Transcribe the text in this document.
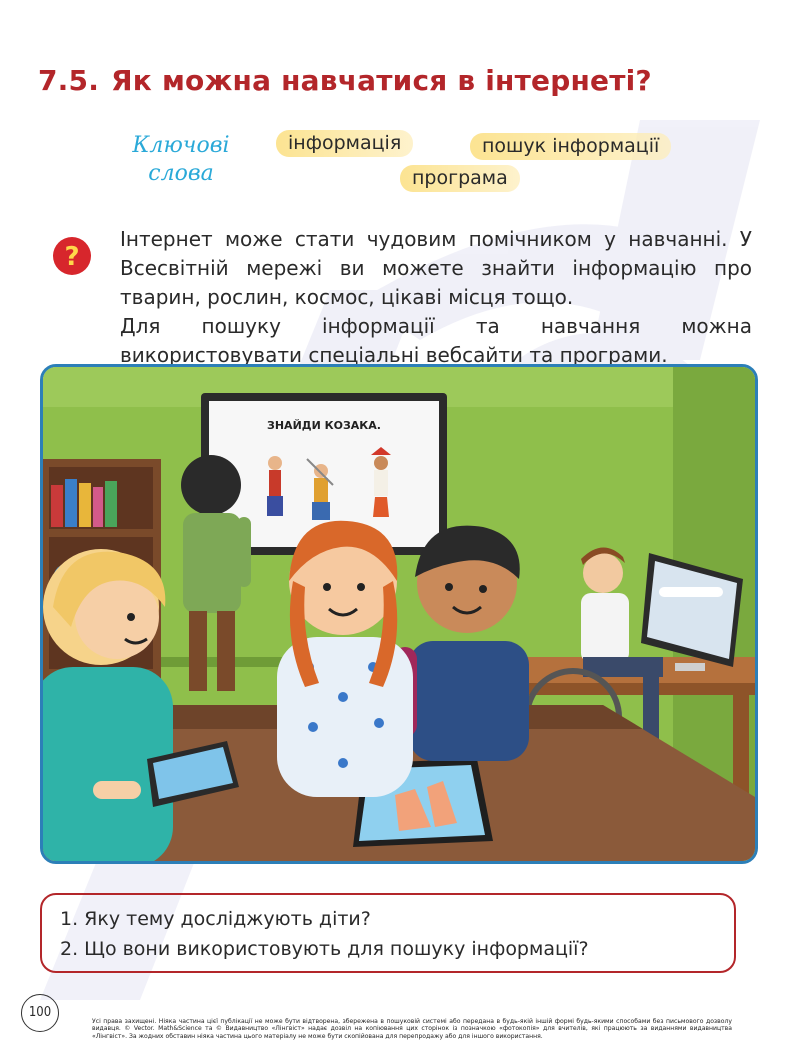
7.5. Як можна навчатися в інтернеті?
Ключові
слова
інформація	пошук інформації
програма
?

Інтернет може стати чудовим помічником у навчанні. У Всесвітній мережі ви можете знайти інформацію про тварин, рослин, космос, цікаві місця тощо.

Для пошуку інформації та навчання можна використовувати спеціальні вебсайти та програми.

ЗНАЙДИ КОЗАКА.
1. Яку тему досліджують діти?
2. Що вони використовують для пошуку інформації?
100
Усі права захищені. Ніяка частина цієї публікації не може бути відтворена, збережена в пошуковій системі або передана в будь-якій іншій формі будь-якими способами без письмового дозволу видавця. © Vector. Math&Science та © Видавництво «Лінгвіст» надає дозвіл на копіювання цих сторінок із позначкою «фотокопія» для вчителів, які працюють за виданнями видавництва «Лінгвіст». За жодних обставин ніяка частина цього матеріалу не може бути скопійована для перепродажу або для іншого використання.
